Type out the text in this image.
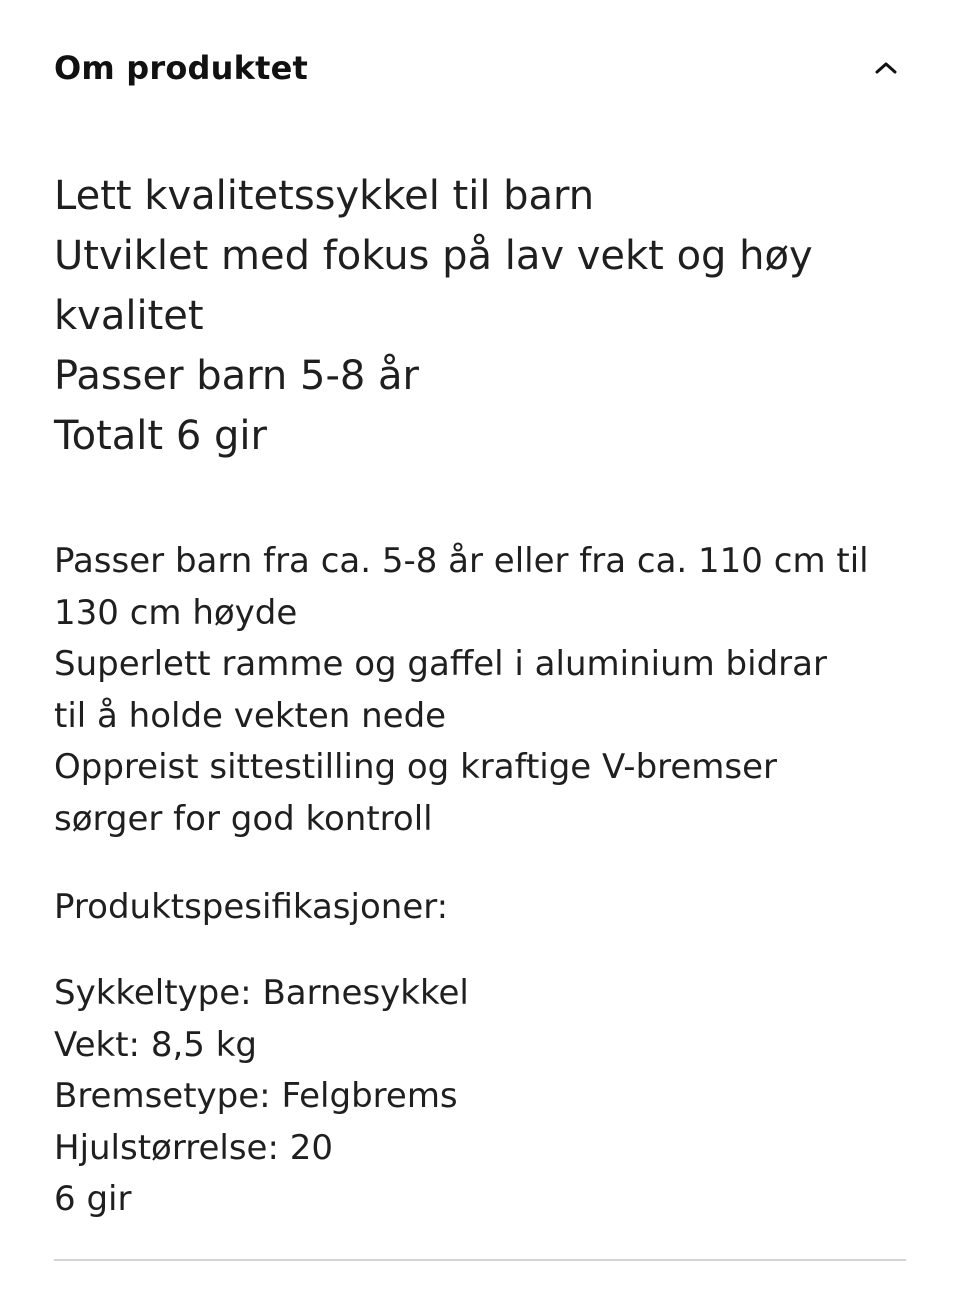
Om produktet
Lett kvalitetssykkel til barn
Utviklet med fokus på lav vekt og høy kvalitet
Passer barn 5-8 år
Totalt 6 gir
Passer barn fra ca. 5-8 år eller fra ca. 110 cm til 130 cm høyde
Superlett ramme og gaffel i aluminium bidrar til å holde vekten nede
Oppreist sittestilling og kraftige V-bremser sørger for god kontroll
Produktspesifikasjoner:
Sykkeltype: Barnesykkel
Vekt: 8,5 kg
Bremsetype: Felgbrems
Hjulstørrelse: 20
6 gir
